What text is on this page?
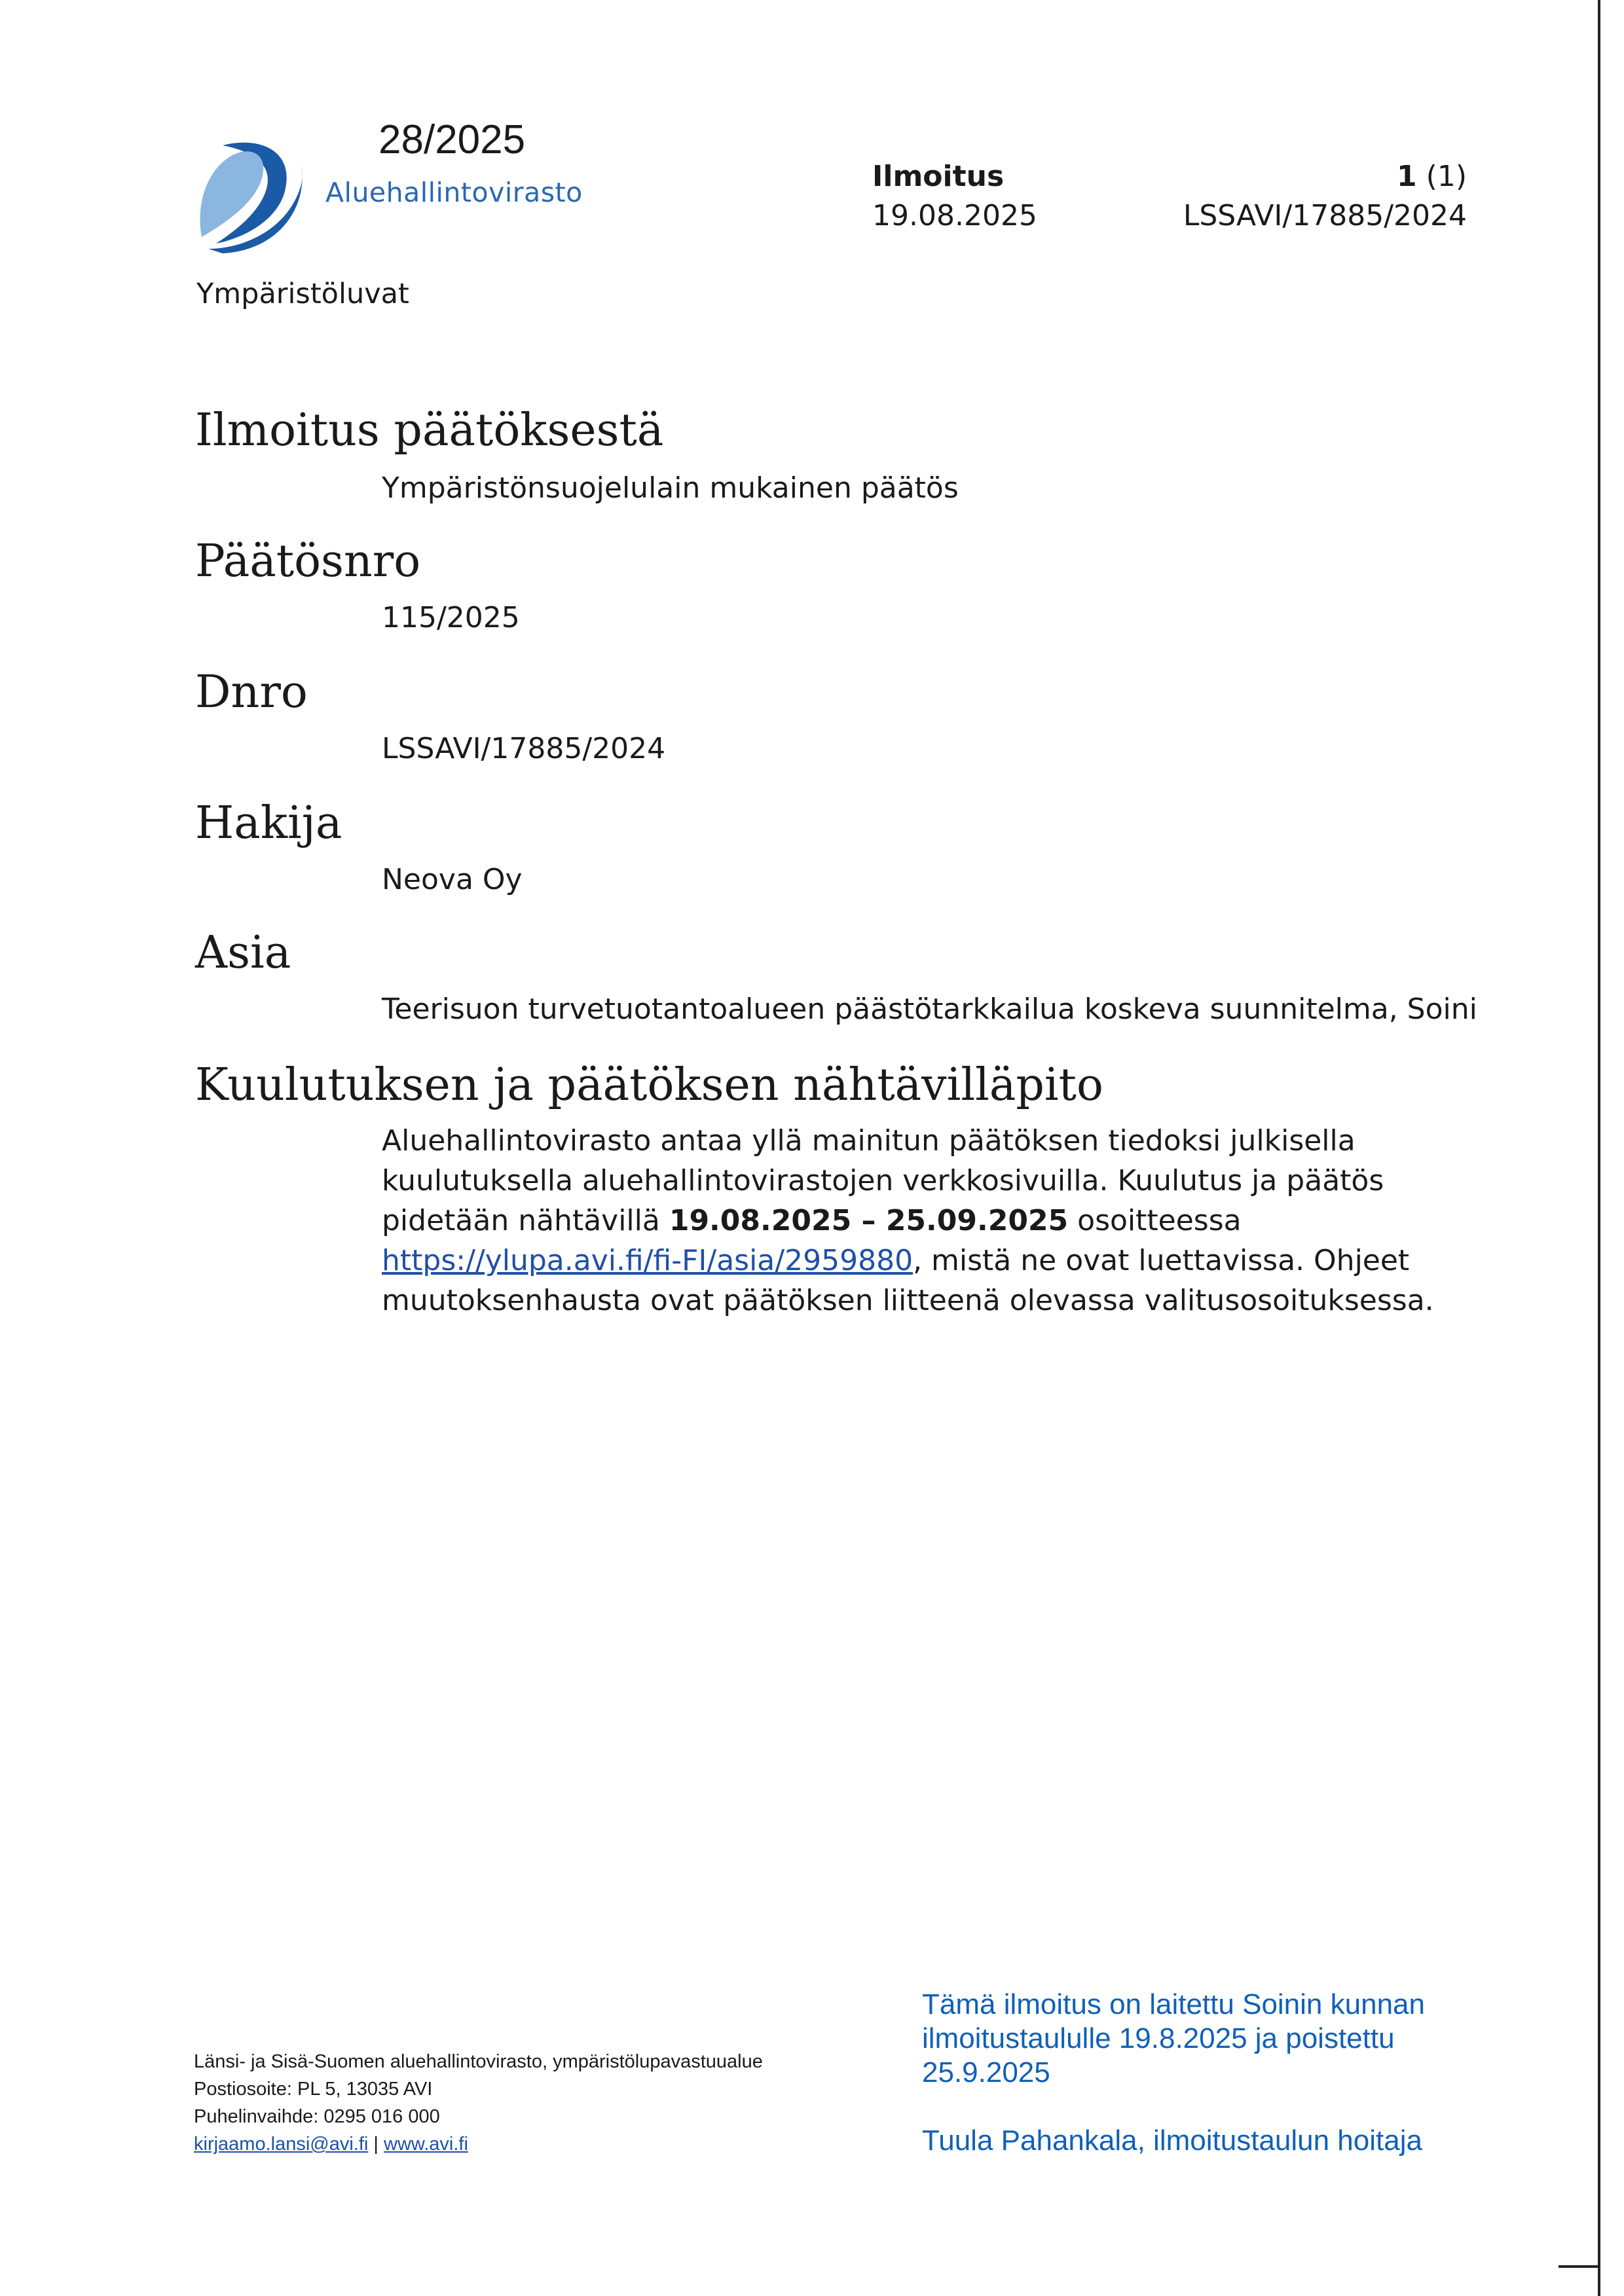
28/2025
Aluehallintovirasto	Ilmoitus
19.08.2025
1 (1)
LSSAVI/17885/2024
Ympäristöluvat
Ilmoitus päätöksestä
Ympäristönsuojelulain mukainen päätös
Päätösnro
115/2025
Dnro
LSSAVI/17885/2024
Hakija
Neova Oy
Asia
Teerisuon turvetuotantoalueen päästötarkkailua koskeva suunnitelma, Soini
Kuulutuksen ja päätöksen nähtävilläpito
Aluehallintovirasto antaa yllä mainitun päätöksen tiedoksi julkisella
kuulutuksella aluehallintovirastojen verkkosivuilla. Kuulutus ja päätös
pidetään nähtävillä 19.08.2025 – 25.09.2025 osoitteessa
https://ylupa.avi.fi/fi-FI/asia/2959880, mistä ne ovat luettavissa. Ohjeet
muutoksenhausta ovat päätöksen liitteenä olevassa valitusosoituksessa.
Länsi- ja Sisä-Suomen aluehallintovirasto, ympäristölupavastuualue
Postiosoite: PL 5, 13035 AVI
Puhelinvaihde: 0295 016 000
kirjaamo.lansi@avi.fi | www.avi.fi
Tämä ilmoitus on laitettu Soinin kunnan
ilmoitustaululle 19.8.2025 ja poistettu
25.9.2025
Tuula Pahankala, ilmoitustaulun hoitaja
